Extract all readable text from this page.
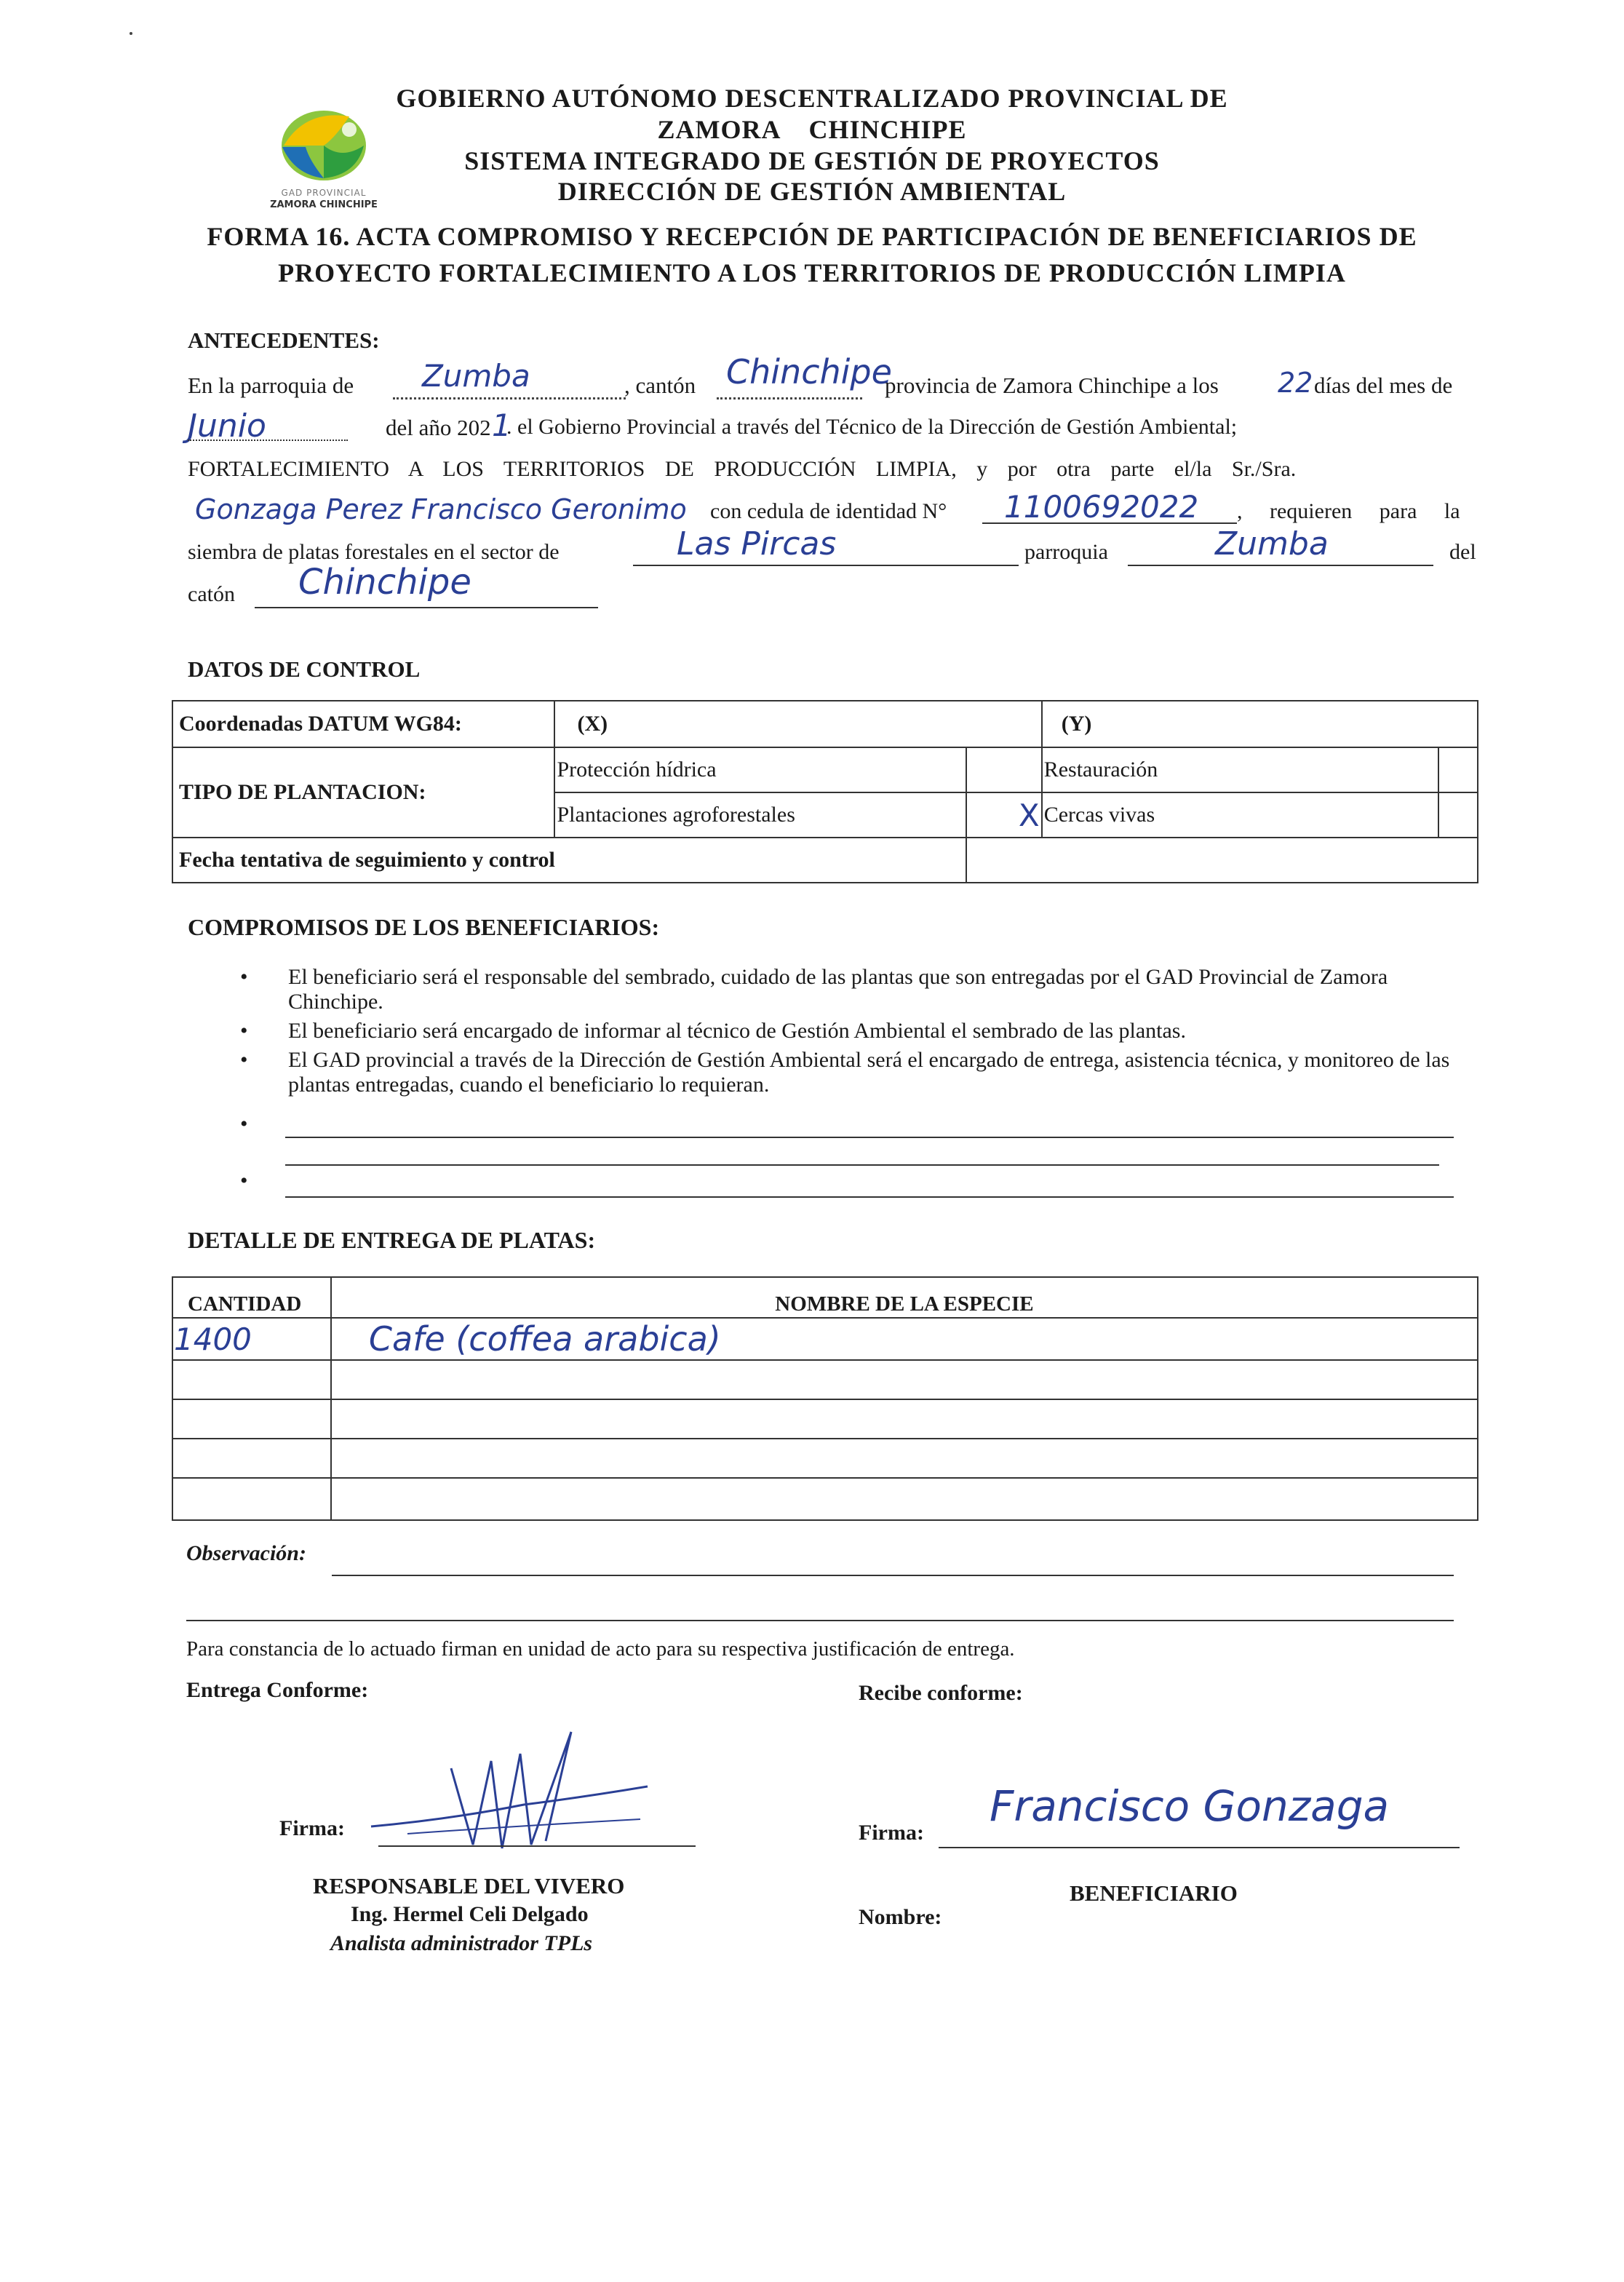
GAD PROVINCIAL
ZAMORA CHINCHIPE
GOBIERNO AUTÓNOMO DESCENTRALIZADO PROVINCIAL DE
ZAMORA    CHINCHIPE
SISTEMA INTEGRADO DE GESTIÓN DE PROYECTOS
DIRECCIÓN DE GESTIÓN AMBIENTAL
FORMA 16. ACTA COMPROMISO Y RECEPCIÓN DE PARTICIPACIÓN DE BENEFICIARIOS DE
PROYECTO FORTALECIMIENTO A LOS TERRITORIOS DE PRODUCCIÓN LIMPIA
ANTECEDENTES:
En la parroquia de Zumba	, cantón Chinchipe
provincia de Zamora Chinchipe a los 22 días del mes de
Junio	del año 202 1
. el Gobierno Provincial a través del Técnico de la Dirección de Gestión Ambiental;
FORTALECIMIENTO A LOS TERRITORIOS DE PRODUCCIÓN LIMPIA, y por otra parte el/la Sr./Sra.
Gonzaga Perez Francisco Geronimo con cedula de identidad N° 1100692022 , requieren para la
siembra de platas forestales en el sector de	Las Pircas	parroquia	Zumba	del
catón Chinchipe
DATOS DE CONTROL
Coordenadas DATUM WG84:	(X)		(Y)	
TIPO DE PLANTACION:	Protección hídrica		Restauración	
	Plantaciones agroforestales	X	Cercas vivas	
Fecha tentativa de seguimiento y control				
COMPROMISOS DE LOS BENEFICIARIOS:
• El beneficiario será el responsable del sembrado, cuidado de las plantas que son entregadas por el GAD Provincial de Zamora Chinchipe.
• El beneficiario será encargado de informar al técnico de Gestión Ambiental el sembrado de las plantas.
• El GAD provincial a través de la Dirección de Gestión Ambiental será el encargado de entrega, asistencia técnica, y monitoreo de las plantas entregadas, cuando el beneficiario lo requieran.
•
•
DETALLE DE ENTREGA DE PLATAS:
CANTIDAD	NOMBRE DE LA ESPECIE
1400	Cafe (coffea arabica)

Observación:
Para constancia de lo actuado firman en unidad de acto para su respectiva justificación de entrega.
Entrega Conforme:	Recibe conforme:
Firma:
RESPONSABLE DEL VIVERO
Ing. Hermel Celi Delgado
Analista administrador TPLs
Firma:
Francisco Gonzaga
BENEFICIARIO
Nombre:
